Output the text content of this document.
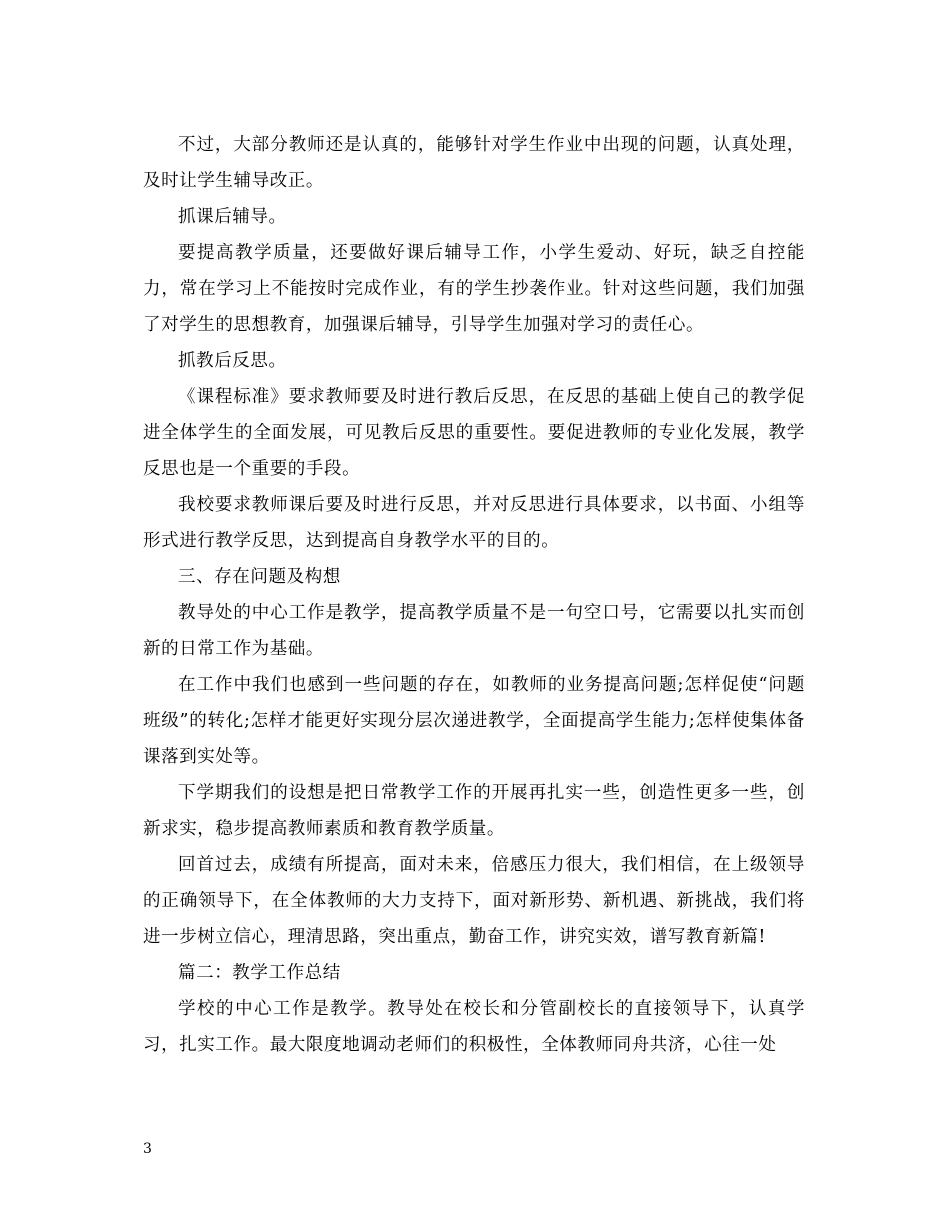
不过，大部分教师还是认真的，能够针对学生作业中出现的问题，认真处理，及时让学生辅导改正。

抓课后辅导。

要提高教学质量，还要做好课后辅导工作，小学生爱动、好玩，缺乏自控能力，常在学习上不能按时完成作业，有的学生抄袭作业。针对这些问题，我们加强了对学生的思想教育，加强课后辅导，引导学生加强对学习的责任心。

抓教后反思。

《课程标准》要求教师要及时进行教后反思，在反思的基础上使自己的教学促进全体学生的全面发展，可见教后反思的重要性。要促进教师的专业化发展，教学反思也是一个重要的手段。

我校要求教师课后要及时进行反思，并对反思进行具体要求，以书面、小组等形式进行教学反思，达到提高自身教学水平的目的。

三、存在问题及构想

教导处的中心工作是教学，提高教学质量不是一句空口号，它需要以扎实而创新的日常工作为基础。

在工作中我们也感到一些问题的存在，如教师的业务提高问题;怎样促使“问题班级”的转化;怎样才能更好实现分层次递进教学，全面提高学生能力;怎样使集体备课落到实处等。

下学期我们的设想是把日常教学工作的开展再扎实一些，创造性更多一些，创新求实，稳步提高教师素质和教育教学质量。

回首过去，成绩有所提高，面对未来，倍感压力很大，我们相信，在上级领导的正确领导下，在全体教师的大力支持下，面对新形势、新机遇、新挑战，我们将进一步树立信心，理清思路，突出重点，勤奋工作，讲究实效，谱写教育新篇!

篇二：教学工作总结

学校的中心工作是教学。教导处在校长和分管副校长的直接领导下，认真学习，扎实工作。最大限度地调动老师们的积极性，全体教师同舟共济，心往一处

3
